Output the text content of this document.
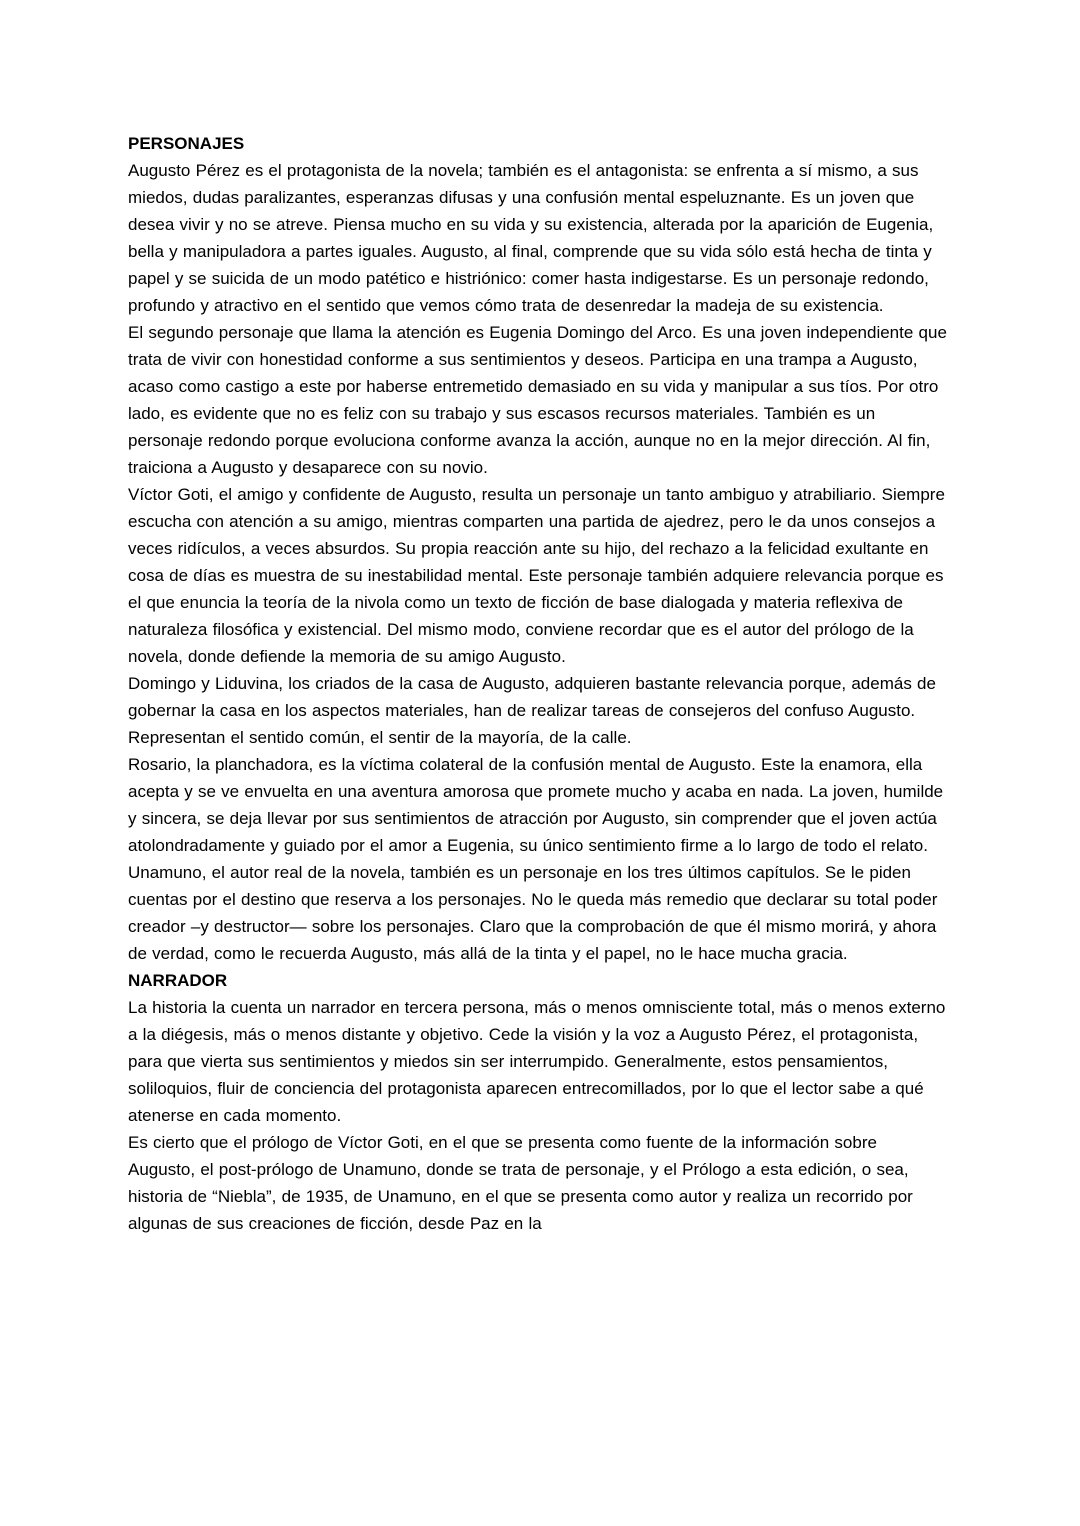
PERSONAJES

Augusto Pérez es el protagonista de la novela; también es el antagonista: se enfrenta a sí mismo, a sus miedos, dudas paralizantes, esperanzas difusas y una confusión mental espeluznante. Es un joven que desea vivir y no se atreve. Piensa mucho en su vida y su existencia, alterada por la aparición de Eugenia, bella y manipuladora a partes iguales. Augusto, al final, comprende que su vida sólo está hecha de tinta y papel y se suicida de un modo patético e histriónico: comer hasta indigestarse. Es un personaje redondo, profundo y atractivo en el sentido que vemos cómo trata de desenredar la madeja de su existencia.

El segundo personaje que llama la atención es Eugenia Domingo del Arco. Es una joven independiente que trata de vivir con honestidad conforme a sus sentimientos y deseos. Participa en una trampa a Augusto, acaso como castigo a este por haberse entremetido demasiado en su vida y manipular a sus tíos. Por otro lado, es evidente que no es feliz con su trabajo y sus escasos recursos materiales. También es un personaje redondo porque evoluciona conforme avanza la acción, aunque no en la mejor dirección. Al fin, traiciona a Augusto y desaparece con su novio.

Víctor Goti, el amigo y confidente de Augusto, resulta un personaje un tanto ambiguo y atrabiliario. Siempre escucha con atención a su amigo, mientras comparten una partida de ajedrez, pero le da unos consejos a veces ridículos, a veces absurdos. Su propia reacción ante su hijo, del rechazo a la felicidad exultante en cosa de días es muestra de su inestabilidad mental. Este personaje también adquiere relevancia porque es el que enuncia la teoría de la nivola como un texto de ficción de base dialogada y materia reflexiva de naturaleza filosófica y existencial. Del mismo modo, conviene recordar que es el autor del prólogo de la novela, donde defiende la memoria de su amigo Augusto.

Domingo y Liduvina, los criados de la casa de Augusto, adquieren bastante relevancia porque, además de gobernar la casa en los aspectos materiales, han de realizar tareas de consejeros del confuso Augusto. Representan el sentido común, el sentir de la mayoría, de la calle.

Rosario, la planchadora, es la víctima colateral de la confusión mental de Augusto. Este la enamora, ella acepta y se ve envuelta en una aventura amorosa que promete mucho y acaba en nada. La joven, humilde y sincera, se deja llevar por sus sentimientos de atracción por Augusto, sin comprender que el joven actúa atolondradamente y guiado por el amor a Eugenia, su único sentimiento firme a lo largo de todo el relato.

Unamuno, el autor real de la novela, también es un personaje en los tres últimos capítulos. Se le piden cuentas por el destino que reserva a los personajes. No le queda más remedio que declarar su total poder creador –y destructor— sobre los personajes. Claro que la comprobación de que él mismo morirá, y ahora de verdad, como le recuerda Augusto, más allá de la tinta y el papel, no le hace mucha gracia.

NARRADOR

La historia la cuenta un narrador en tercera persona, más o menos omnisciente total, más o menos externo a la diégesis, más o menos distante y objetivo. Cede la visión y la voz a Augusto Pérez, el protagonista, para que vierta sus sentimientos y miedos sin ser interrumpido. Generalmente, estos pensamientos, soliloquios, fluir de conciencia del protagonista aparecen entrecomillados, por lo que el lector sabe a qué atenerse en cada momento.

Es cierto que el prólogo de Víctor Goti, en el que se presenta como fuente de la información sobre Augusto, el post-prólogo de Unamuno, donde se trata de personaje, y el Prólogo a esta edición, o sea, historia de “Niebla”, de 1935, de Unamuno, en el que se presenta como autor y realiza un recorrido por algunas de sus creaciones de ficción, desde Paz en la
